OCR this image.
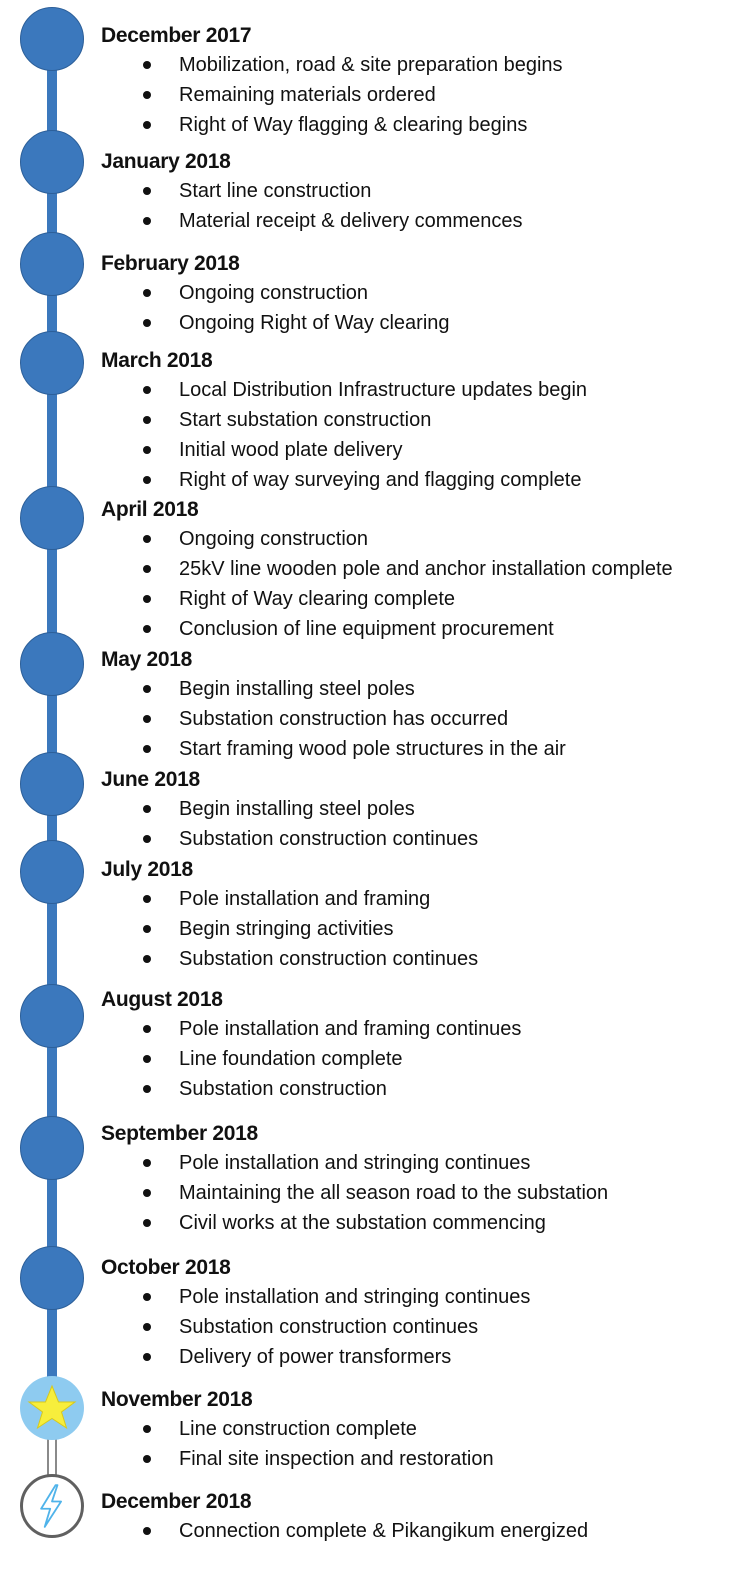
December 2017
Mobilization, road & site preparation begins
Remaining materials ordered
Right of Way flagging & clearing begins
January 2018
Start line construction
Material receipt & delivery commences
February 2018
Ongoing construction
Ongoing Right of Way clearing
March 2018
Local Distribution Infrastructure updates begin
Start substation construction
Initial wood plate delivery
Right of way surveying and flagging complete
April 2018
Ongoing construction
25kV line wooden pole and anchor installation complete
Right of Way clearing complete
Conclusion of line equipment procurement
May 2018
Begin installing steel poles
Substation construction has occurred
Start framing wood pole structures in the air
June 2018
Begin installing steel poles
Substation construction continues
July 2018
Pole installation and framing
Begin stringing activities
Substation construction continues
August 2018
Pole installation and framing continues
Line foundation complete
Substation construction
September 2018
Pole installation and stringing continues
Maintaining the all season road to the substation
Civil works at the substation commencing
October 2018
Pole installation and stringing continues
Substation construction continues
Delivery of power transformers
November 2018
Line construction complete
Final site inspection and restoration
December 2018
Connection complete & Pikangikum energized
